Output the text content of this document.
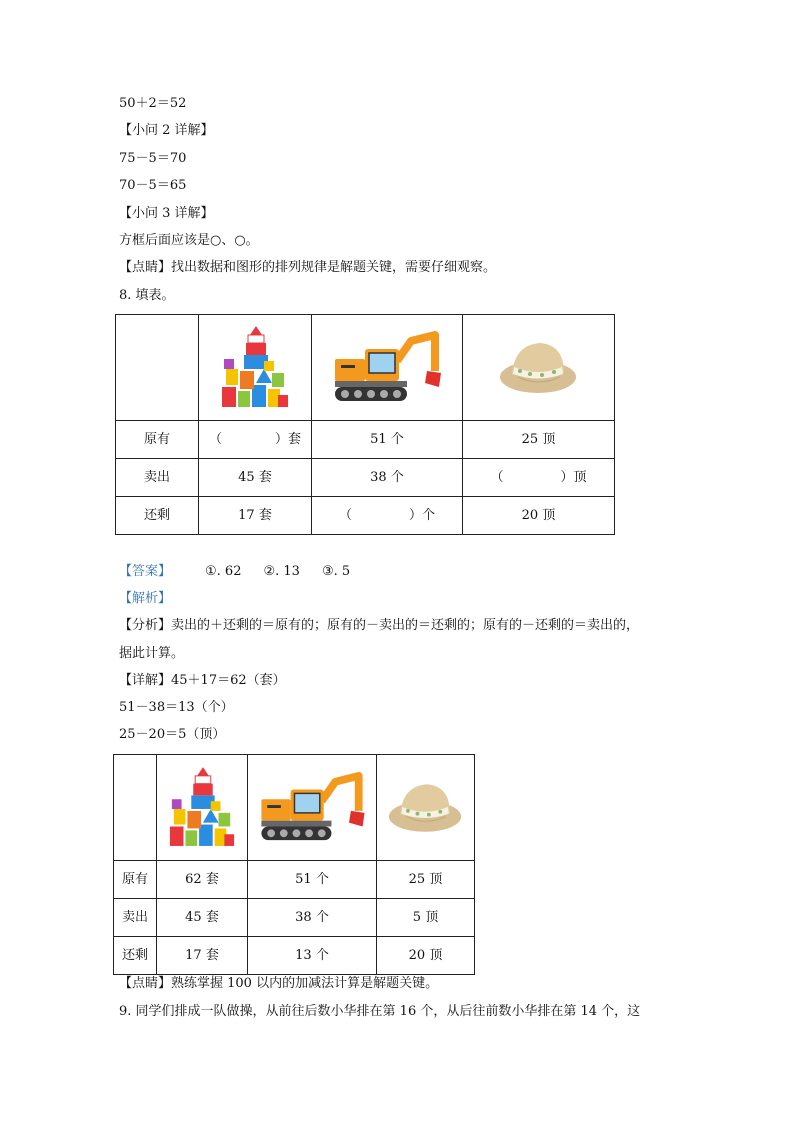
50＋2＝52
【小问 2 详解】
75－5＝70
70－5＝65
【小问 3 详解】
方框后面应该是○、○。
【点睛】找出数据和图形的排列规律是解题关键，需要仔细观察。
8. 填表。

原有	（ ）套	51 个	25 顶
卖出	45 套	38 个	（ ）顶

还剩	17 套	（ ）个	20 顶
【答案】	①. 62 ②. 13 ③. 5
【解析】
【分析】卖出的＋还剩的＝原有的；原有的－卖出的＝还剩的；原有的－还剩的＝卖出的，
据此计算。
【详解】45＋17＝62（套）
51－38＝13（个）
25－20＝5（顶）

原有	62 套	51 个	25 顶
卖出	45 套	38 个	5 顶
还剩	17 套	13 个	20 顶
【点睛】熟练掌握 100 以内的加减法计算是解题关键。
9. 同学们排成一队做操，从前往后数小华排在第 16 个，从后往前数小华排在第 14 个，这
